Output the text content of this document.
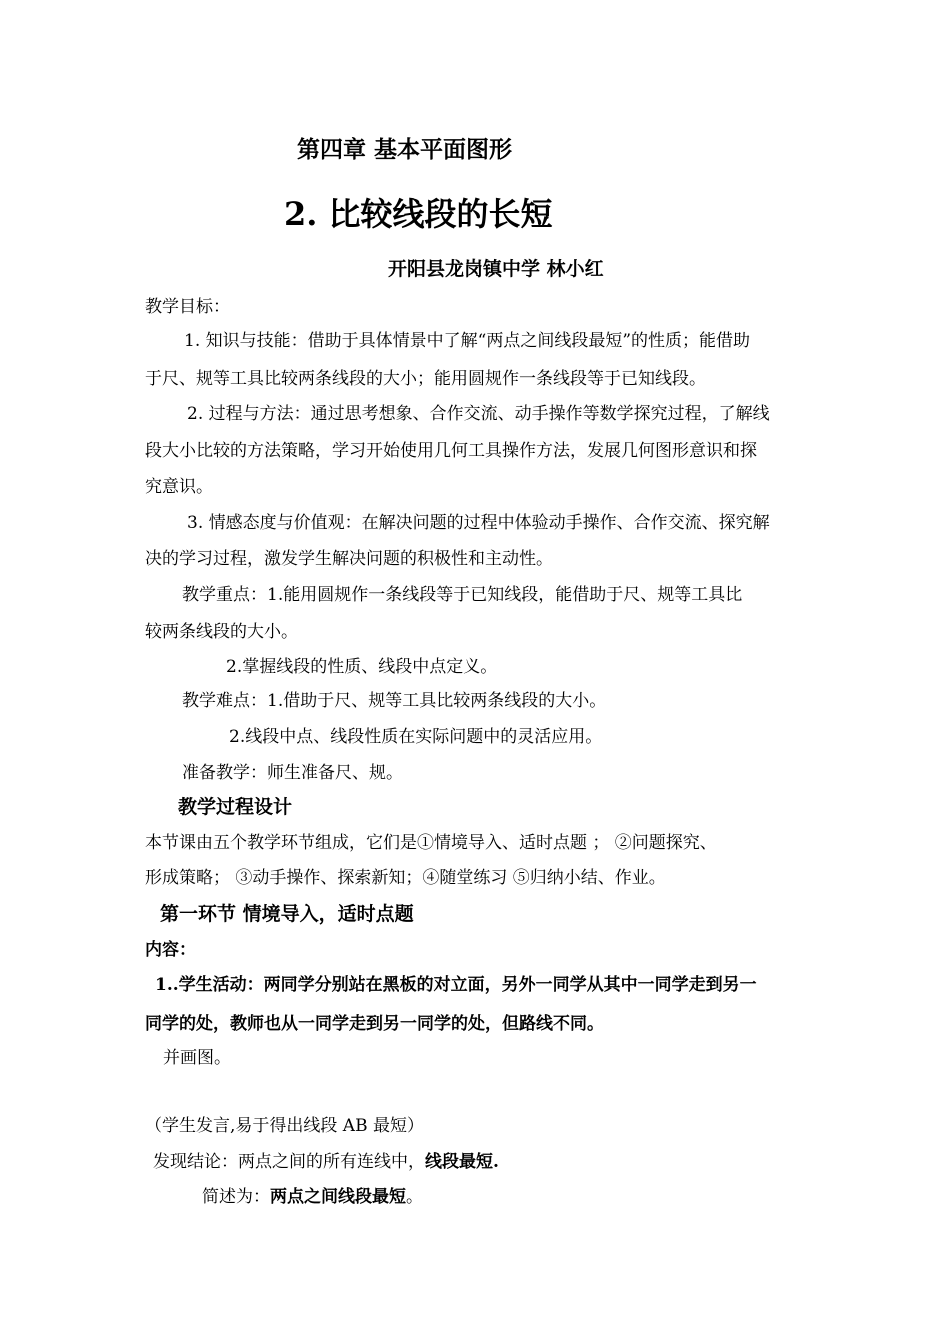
第四章 基本平面图形
2. 比较线段的长短
开阳县龙岗镇中学 林小红
教学目标：
1. 知识与技能：借助于具体情景中了解“两点之间线段最短”的性质；能借助
于尺、规等工具比较两条线段的大小；能用圆规作一条线段等于已知线段。
2. 过程与方法：通过思考想象、合作交流、动手操作等数学探究过程，了解线
段大小比较的方法策略，学习开始使用几何工具操作方法，发展几何图形意识和探
究意识。
3. 情感态度与价值观：在解决问题的过程中体验动手操作、合作交流、探究解
决的学习过程，激发学生解决问题的积极性和主动性。
教学重点：1.能用圆规作一条线段等于已知线段，能借助于尺、规等工具比
较两条线段的大小。
2.掌握线段的性质、线段中点定义。
教学难点：1.借助于尺、规等工具比较两条线段的大小。
2.线段中点、线段性质在实际问题中的灵活应用。
准备教学：师生准备尺、规。
教学过程设计
本节课由五个教学环节组成，它们是①情境导入、适时点题 ； ②问题探究、
形成策略； ③动手操作、探索新知；④随堂练习 ⑤归纳小结、作业。
第一环节 情境导入，适时点题
内容：
1..学生活动：两同学分别站在黑板的对立面，另外一同学从其中一同学走到另一
同学的处，教师也从一同学走到另一同学的处，但路线不同。
并画图。
（学生发言,易于得出线段 AB 最短）
发现结论：两点之间的所有连线中，线段最短.
简述为：两点之间线段最短。
